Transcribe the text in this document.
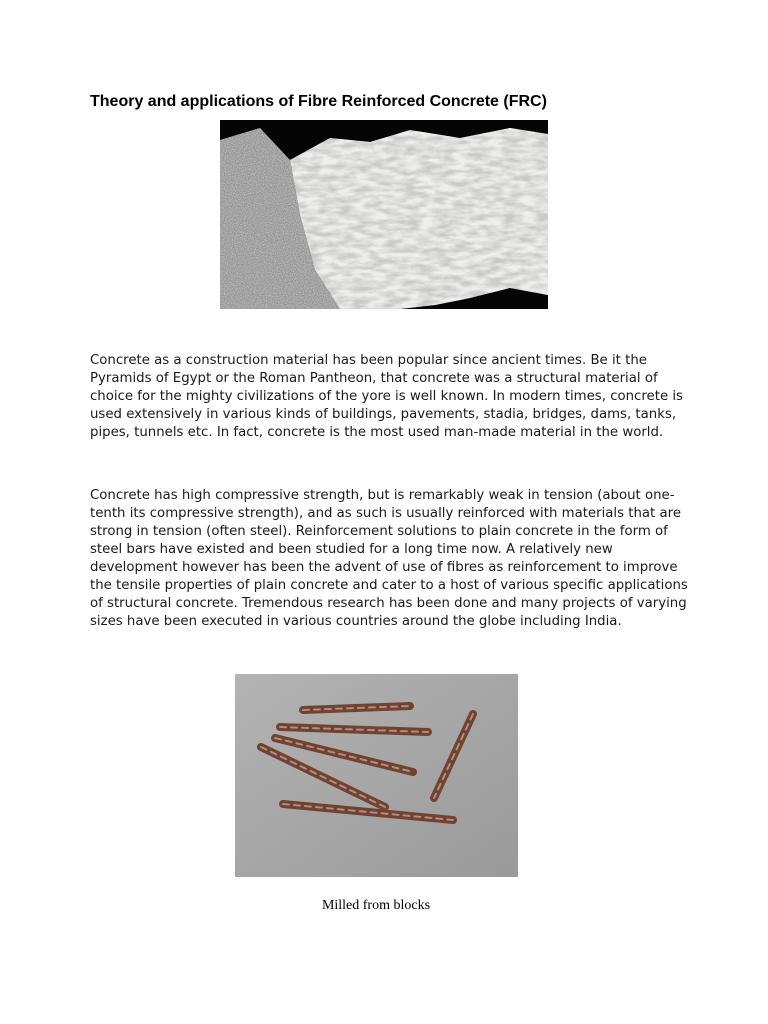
Theory and applications of Fibre Reinforced Concrete (FRC)

Concrete as a construction material has been popular since ancient times. Be it the Pyramids of Egypt or the Roman Pantheon, that concrete was a structural material of choice for the mighty civilizations of the yore is well known. In modern times, concrete is used extensively in various kinds of buildings, pavements, stadia, bridges, dams, tanks, pipes, tunnels etc. In fact, concrete is the most used man-made material in the world.

Concrete has high compressive strength, but is remarkably weak in tension (about one-tenth its compressive strength), and as such is usually reinforced with materials that are strong in tension (often steel). Reinforcement solutions to plain concrete in the form of steel bars have existed and been studied for a long time now. A relatively new development however has been the advent of use of fibres as reinforcement to improve the tensile properties of plain concrete and cater to a host of various specific applications of structural concrete. Tremendous research has been done and many projects of varying sizes have been executed in various countries around the globe including India.

Milled from blocks
